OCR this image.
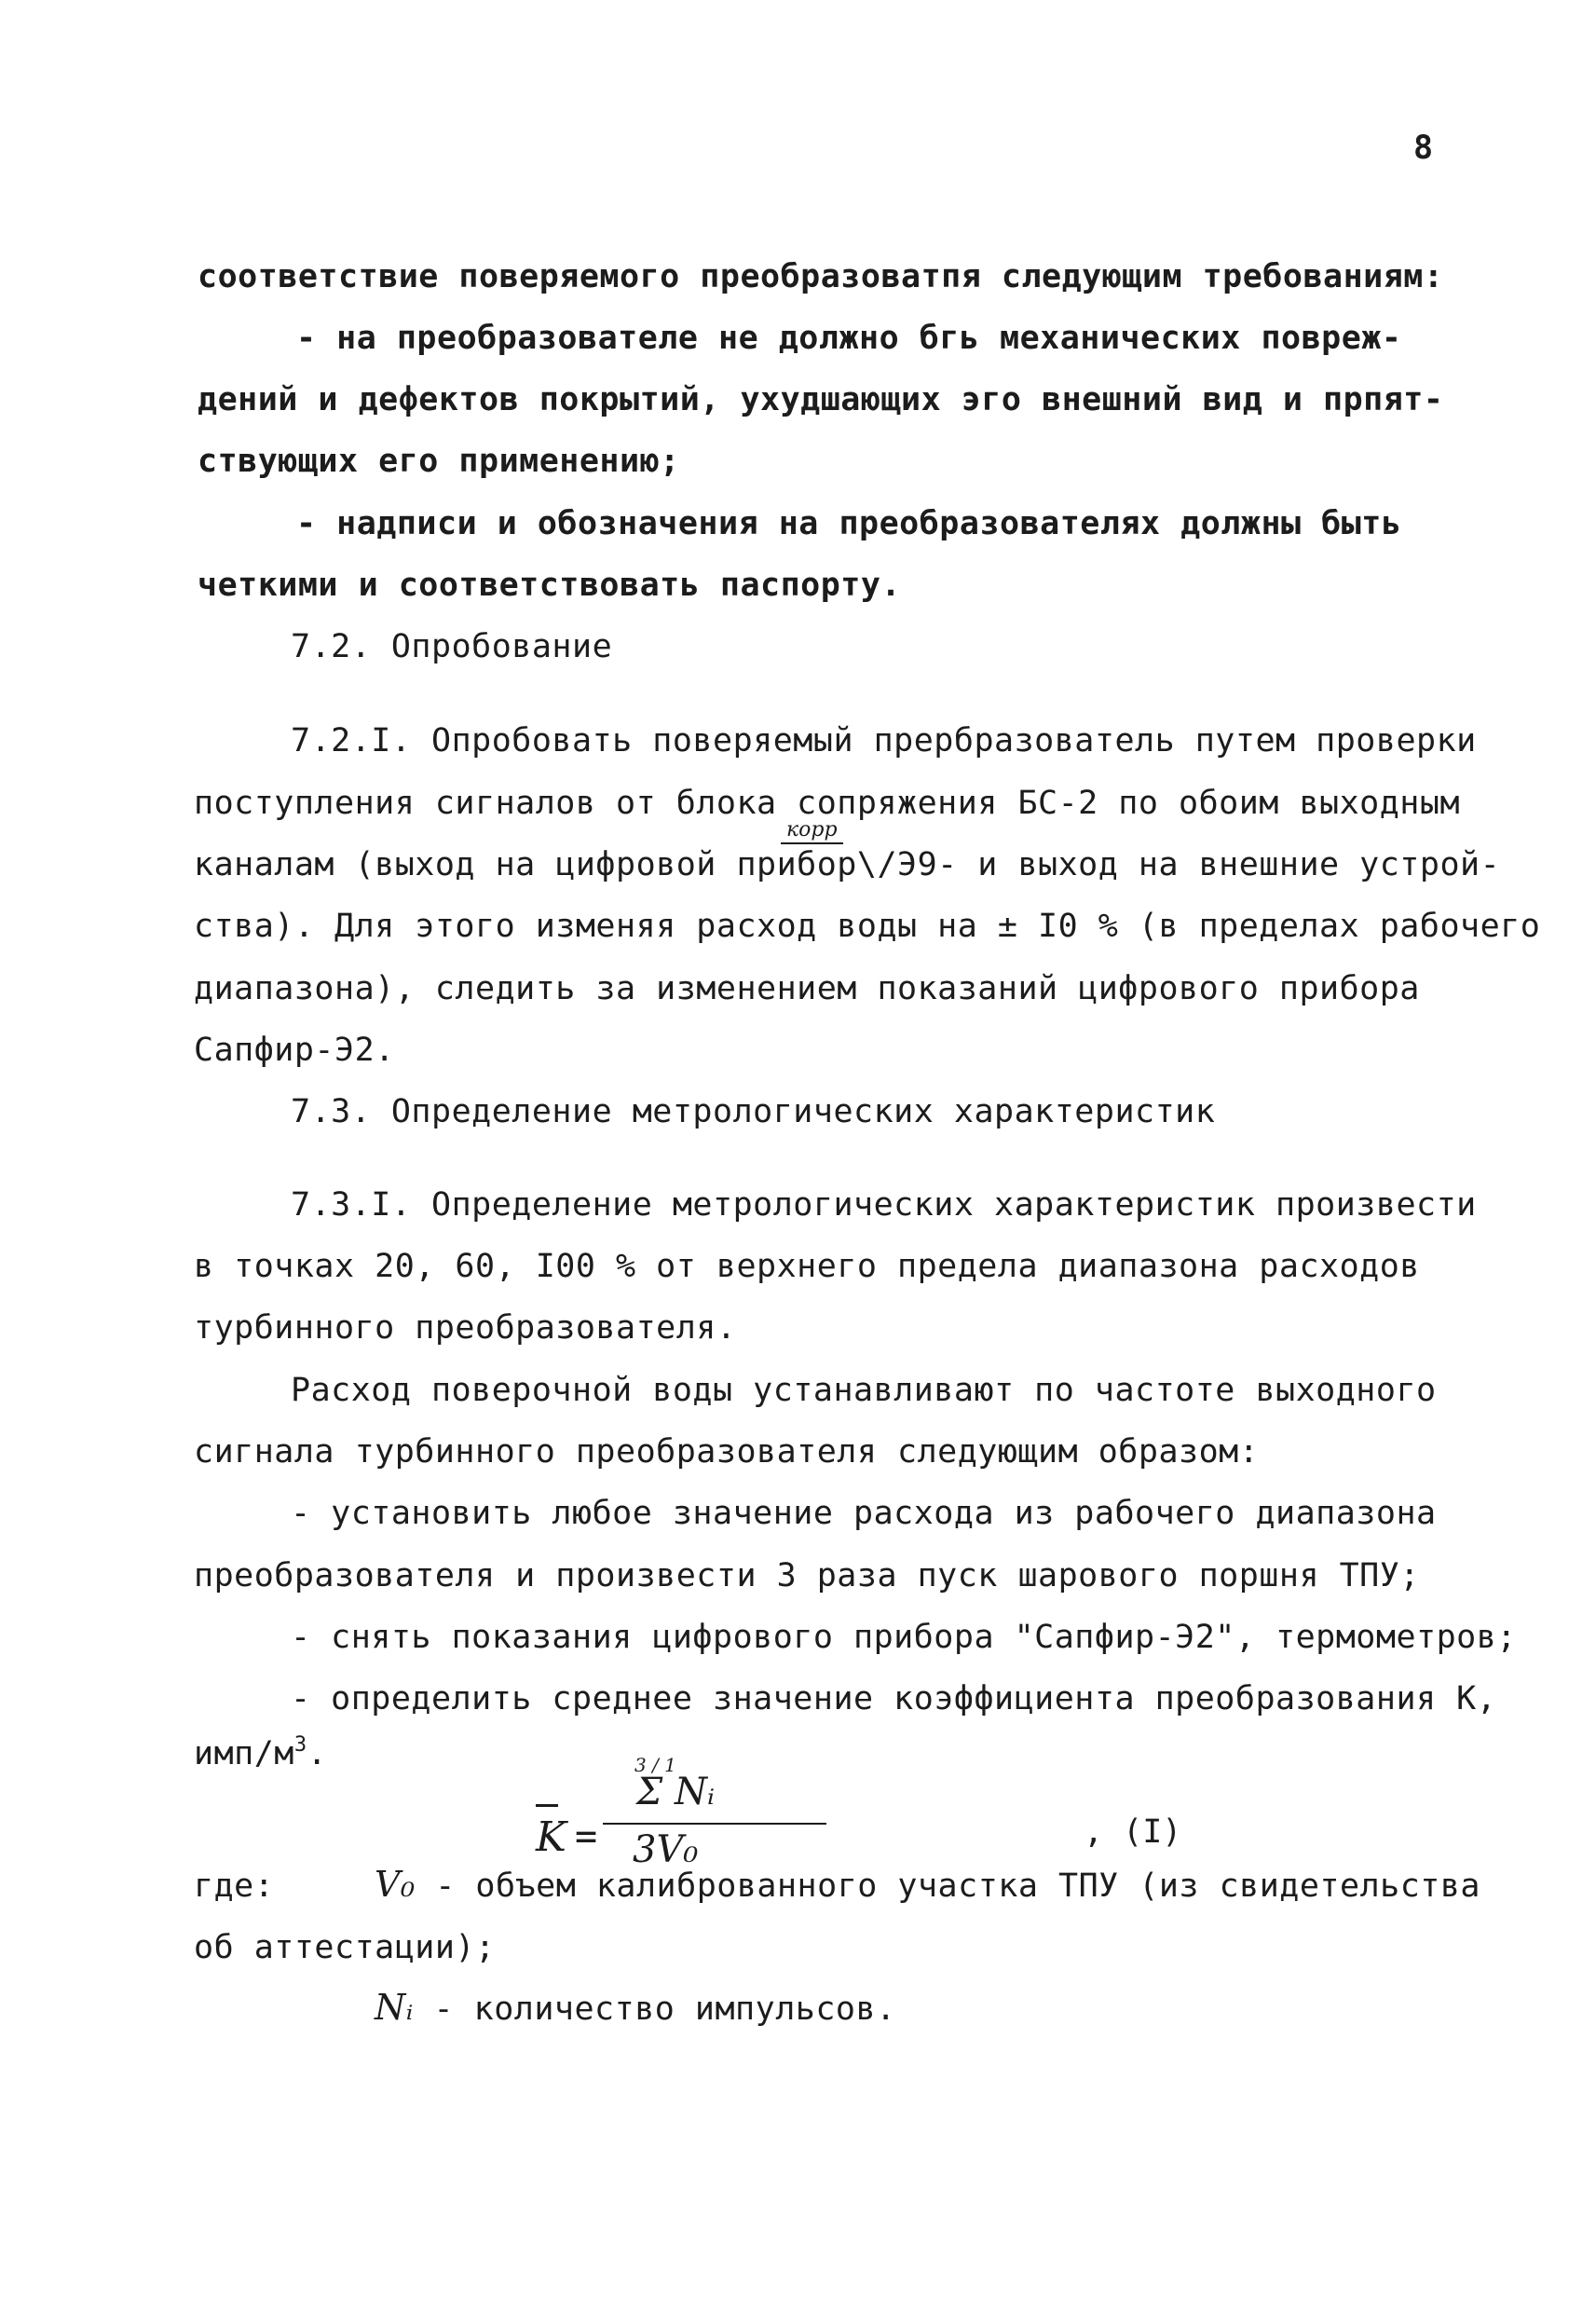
8
соответствие поверяемого преобразоватпя следующим требованиям:
- на преобразователе не должно бгь механических повреж-
дений и дефектов покрытий, ухудшающих эго внешний вид и прпят-
ствующих его применению;
- надписи и обозначения на преобразователях должны быть
четкими и соответствовать паспорту.
7.2. Опробование
7.2.I. Опробовать поверяемый прербразователь путем проверки
поступления сигналов от блока сопряжения БС-2 по обоим выходным
корр
каналам (выход на цифровой прибор\/Э9- и выход на внешние устрой-
ства). Для этого изменяя расход воды на ± I0 % (в пределах рабочего
диапазона), следить за изменением показаний цифрового прибора
Сапфир-Э2.
7.3. Определение метрологических характеристик
7.3.I. Определение метрологических характеристик произвести
в точках 20, 60, I00 % от верхнего предела диапазона расходов
турбинного преобразователя.
Расход поверочной воды устанавливают по частоте выходного
сигнала турбинного преобразователя следующим образом:
- установить любое значение расхода из рабочего диапазона
преобразователя и произвести 3 раза пуск шарового поршня ТПУ;
- снять показания цифрового прибора "Сапфир-Э2", термометров;
- определить среднее значение коэффициента преобразования К,
имп/$м^3$.
K =
3 / 1
Σ Nᵢ
3V₀	, (I)
где:	V₀ - объем калиброванного участка ТПУ (из свидетельства
об аттестации);
Nᵢ - количество импульсов.
